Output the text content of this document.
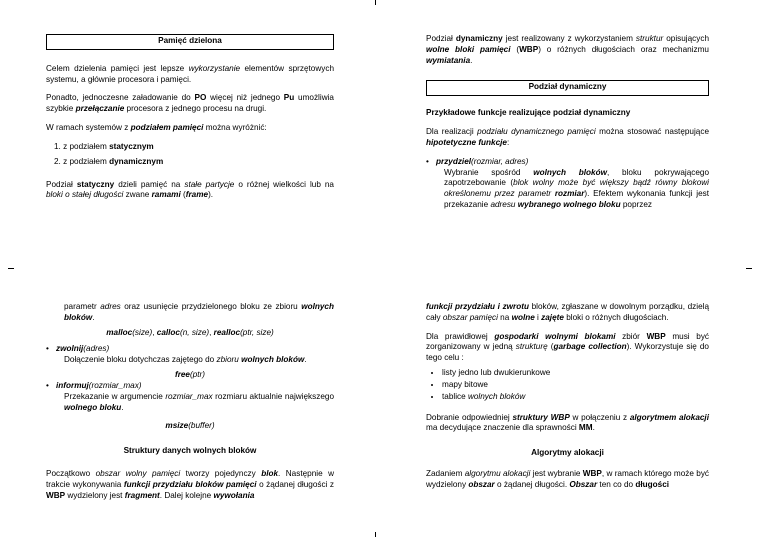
Pamięć dzielona

Celem dzielenia pamięci jest lepsze wykorzystanie elementów sprzętowych systemu, a głównie procesora i pamięci.

Ponadto, jednoczesne załadowanie do PO więcej niż jednego Pu umożliwia szybkie przełączanie procesora z jednego procesu na drugi.

W ramach systemów z podziałem pamięci można wyróżnić:

1. z podziałem statycznym

2. z podziałem dynamicznym

Podział statyczny dzieli pamięć na stałe partycje o różnej wielkości lub na bloki o stałej długości zwane ramami (frame).

Podział dynamiczny jest realizowany z wykorzystaniem struktur opisujących wolne bloki pamięci (WBP) o różnych długościach oraz mechanizmu wymiatania.

Podział dynamiczny

Przykładowe funkcje realizujące podział dynamiczny

Dla realizacji podziału dynamicznego pamięci można stosować następujące hipotetyczne funkcje:

• przydziel(rozmiar, adres)

Wybranie spośród wolnych bloków, bloku pokrywającego zapotrzebowanie (blok wolny może być większy bądź równy blokowi określonemu przez parametr rozmiar). Efektem wykonania funkcji jest przekazanie adresu wybranego wolnego bloku poprzez

parametr adres oraz usunięcie przydzielonego bloku ze zbioru wolnych bloków.

malloc(size), calloc(n, size), realloc(ptr, size)

• zwolnij(adres)

Dołączenie bloku dotychczas zajętego do zbioru wolnych bloków.

free(ptr)

• informuj(rozmiar_max)

Przekazanie w argumencie rozmiar_max rozmiaru aktualnie największego wolnego bloku.

msize(buffer)

Struktury danych wolnych bloków

Początkowo obszar wolny pamięci tworzy pojedynczy blok. Następnie w trakcie wykonywania funkcji przydziału bloków pamięci o żądanej długości z WBP wydzielony jest fragment. Dalej kolejne wywołania

funkcji przydziału i zwrotu bloków, zgłaszane w dowolnym porządku, dzielą cały obszar pamięci na wolne i zajęte bloki o różnych długościach.

Dla prawidłowej gospodarki wolnymi blokami zbiór WBP musi być zorganizowany w jedną strukturę (garbage collection). Wykorzystuje się do tego celu :

• listy jedno lub dwukierunkowe
• mapy bitowe
• tablice wolnych bloków

Dobranie odpowiedniej struktury WBP w połączeniu z algorytmem alokacji ma decydujące znaczenie dla sprawności MM.

Algorytmy alokacji

Zadaniem algorytmu alokacji jest wybranie WBP, w ramach którego może być wydzielony obszar o żądanej długości. Obszar ten co do długości
